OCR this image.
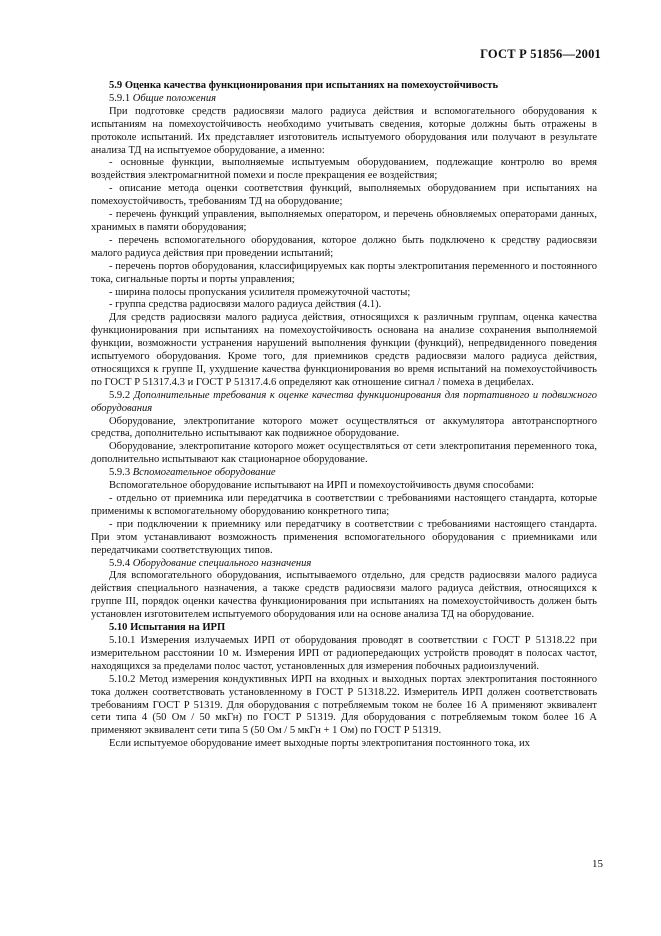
ГОСТ Р 51856—2001

5.9 Оценка качества функционирования при испытаниях на помехоустойчивость

5.9.1 Общие положения

При подготовке средств радиосвязи малого радиуса действия и вспомогательного оборудования к испытаниям на помехоустойчивость необходимо учитывать сведения, которые должны быть отражены в протоколе испытаний. Их представляет изготовитель испытуемого оборудования или получают в результате анализа ТД на испытуемое оборудование, а именно:

- основные функции, выполняемые испытуемым оборудованием, подлежащие контролю во время воздействия электромагнитной помехи и после прекращения ее воздействия;

- описание метода оценки соответствия функций, выполняемых оборудованием при испытаниях на помехоустойчивость, требованиям ТД на оборудование;

- перечень функций управления, выполняемых оператором, и перечень обновляемых операторами данных, хранимых в памяти оборудования;

- перечень вспомогательного оборудования, которое должно быть подключено к средству радиосвязи малого радиуса действия при проведении испытаний;

- перечень портов оборудования, классифицируемых как порты электропитания переменного и постоянного тока, сигнальные порты и порты управления;

- ширина полосы пропускания усилителя промежуточной частоты;

- группа средства радиосвязи малого радиуса действия (4.1).

Для средств радиосвязи малого радиуса действия, относящихся к различным группам, оценка качества функционирования при испытаниях на помехоустойчивость основана на анализе сохранения выполняемой функции, возможности устранения нарушений выполнения функции (функций), непредвиденного поведения испытуемого оборудования. Кроме того, для приемников средств радиосвязи малого радиуса действия, относящихся к группе II, ухудшение качества функционирования во время испытаний на помехоустойчивость по ГОСТ Р 51317.4.3 и ГОСТ Р 51317.4.6 определяют как отношение сигнал / помеха в децибелах.

5.9.2 Дополнительные требования к оценке качества функционирования для портативного и подвижного оборудования

Оборудование, электропитание которого может осуществляться от аккумулятора автотранспортного средства, дополнительно испытывают как подвижное оборудование.

Оборудование, электропитание которого может осуществляться от сети электропитания переменного тока, дополнительно испытывают как стационарное оборудование.

5.9.3 Вспомогательное оборудование

Вспомогательное оборудование испытывают на ИРП и помехоустойчивость двумя способами:

- отдельно от приемника или передатчика в соответствии с требованиями настоящего стандарта, которые применимы к вспомогательному оборудованию конкретного типа;

- при подключении к приемнику или передатчику в соответствии с требованиями настоящего стандарта. При этом устанавливают возможность применения вспомогательного оборудования с приемниками или передатчиками соответствующих типов.

5.9.4 Оборудование специального назначения

Для вспомогательного оборудования, испытываемого отдельно, для средств радиосвязи малого радиуса действия специального назначения, а также средств радиосвязи малого радиуса действия, относящихся к группе III, порядок оценки качества функционирования при испытаниях на помехоустойчивость должен быть установлен изготовителем испытуемого оборудования или на основе анализа ТД на оборудование.

5.10 Испытания на ИРП

5.10.1 Измерения излучаемых ИРП от оборудования проводят в соответствии с ГОСТ Р 51318.22 при измерительном расстоянии 10 м. Измерения ИРП от радиопередающих устройств проводят в полосах частот, находящихся за пределами полос частот, установленных для измерения побочных радиоизлучений.

5.10.2 Метод измерения кондуктивных ИРП на входных и выходных портах электропитания постоянного тока должен соответствовать установленному в ГОСТ Р 51318.22. Измеритель ИРП должен соответствовать требованиям ГОСТ Р 51319. Для оборудования с потребляемым током не более 16 А применяют эквивалент сети типа 4 (50 Ом / 50 мкГн) по ГОСТ Р 51319. Для оборудования с потребляемым током более 16 А применяют эквивалент сети типа 5 (50 Ом / 5 мкГн + 1 Ом) по ГОСТ Р 51319.

Если испытуемое оборудование имеет выходные порты электропитания постоянного тока, их

15
